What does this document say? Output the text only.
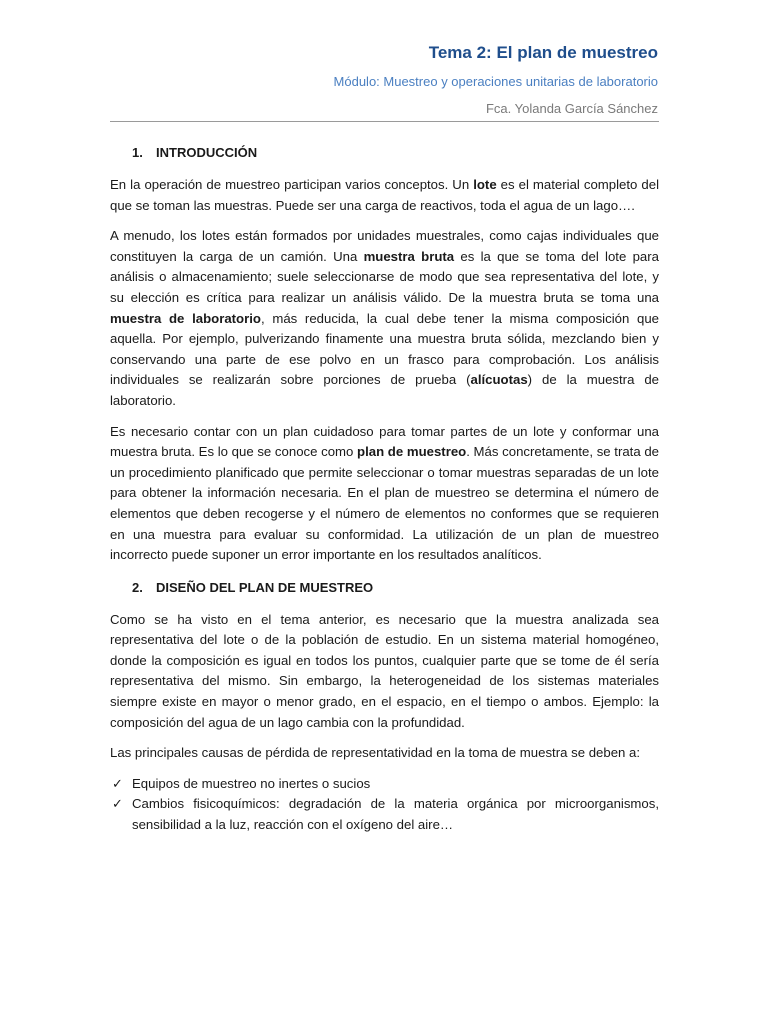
Tema 2: El plan de muestreo
Módulo: Muestreo y operaciones unitarias de laboratorio
Fca. Yolanda García Sánchez
1. INTRODUCCIÓN

En la operación de muestreo participan varios conceptos. Un lote es el material completo del que se toman las muestras. Puede ser una carga de reactivos, toda el agua de un lago….

A menudo, los lotes están formados por unidades muestrales, como cajas individuales que constituyen la carga de un camión. Una muestra bruta es la que se toma del lote para análisis o almacenamiento; suele seleccionarse de modo que sea representativa del lote, y su elección es crítica para realizar un análisis válido. De la muestra bruta se toma una muestra de laboratorio, más reducida, la cual debe tener la misma composición que aquella. Por ejemplo, pulverizando finamente una muestra bruta sólida, mezclando bien y conservando una parte de ese polvo en un frasco para comprobación. Los análisis individuales se realizarán sobre porciones de prueba (alícuotas) de la muestra de laboratorio.

Es necesario contar con un plan cuidadoso para tomar partes de un lote y conformar una muestra bruta. Es lo que se conoce como plan de muestreo. Más concretamente, se trata de un procedimiento planificado que permite seleccionar o tomar muestras separadas de un lote para obtener la información necesaria. En el plan de muestreo se determina el número de elementos que deben recogerse y el número de elementos no conformes que se requieren en una muestra para evaluar su conformidad. La utilización de un plan de muestreo incorrecto puede suponer un error importante en los resultados analíticos.

2. DISEÑO DEL PLAN DE MUESTREO

Como se ha visto en el tema anterior, es necesario que la muestra analizada sea representativa del lote o de la población de estudio. En un sistema material homogéneo, donde la composición es igual en todos los puntos, cualquier parte que se tome de él sería representativa del mismo. Sin embargo, la heterogeneidad de los sistemas materiales siempre existe en mayor o menor grado, en el espacio, en el tiempo o ambos. Ejemplo: la composición del agua de un lago cambia con la profundidad.

Las principales causas de pérdida de representatividad en la toma de muestra se deben a:

✓ Equipos de muestreo no inertes o sucios
✓ Cambios fisicoquímicos: degradación de la materia orgánica por microorganismos, sensibilidad a la luz, reacción con el oxígeno del aire…
